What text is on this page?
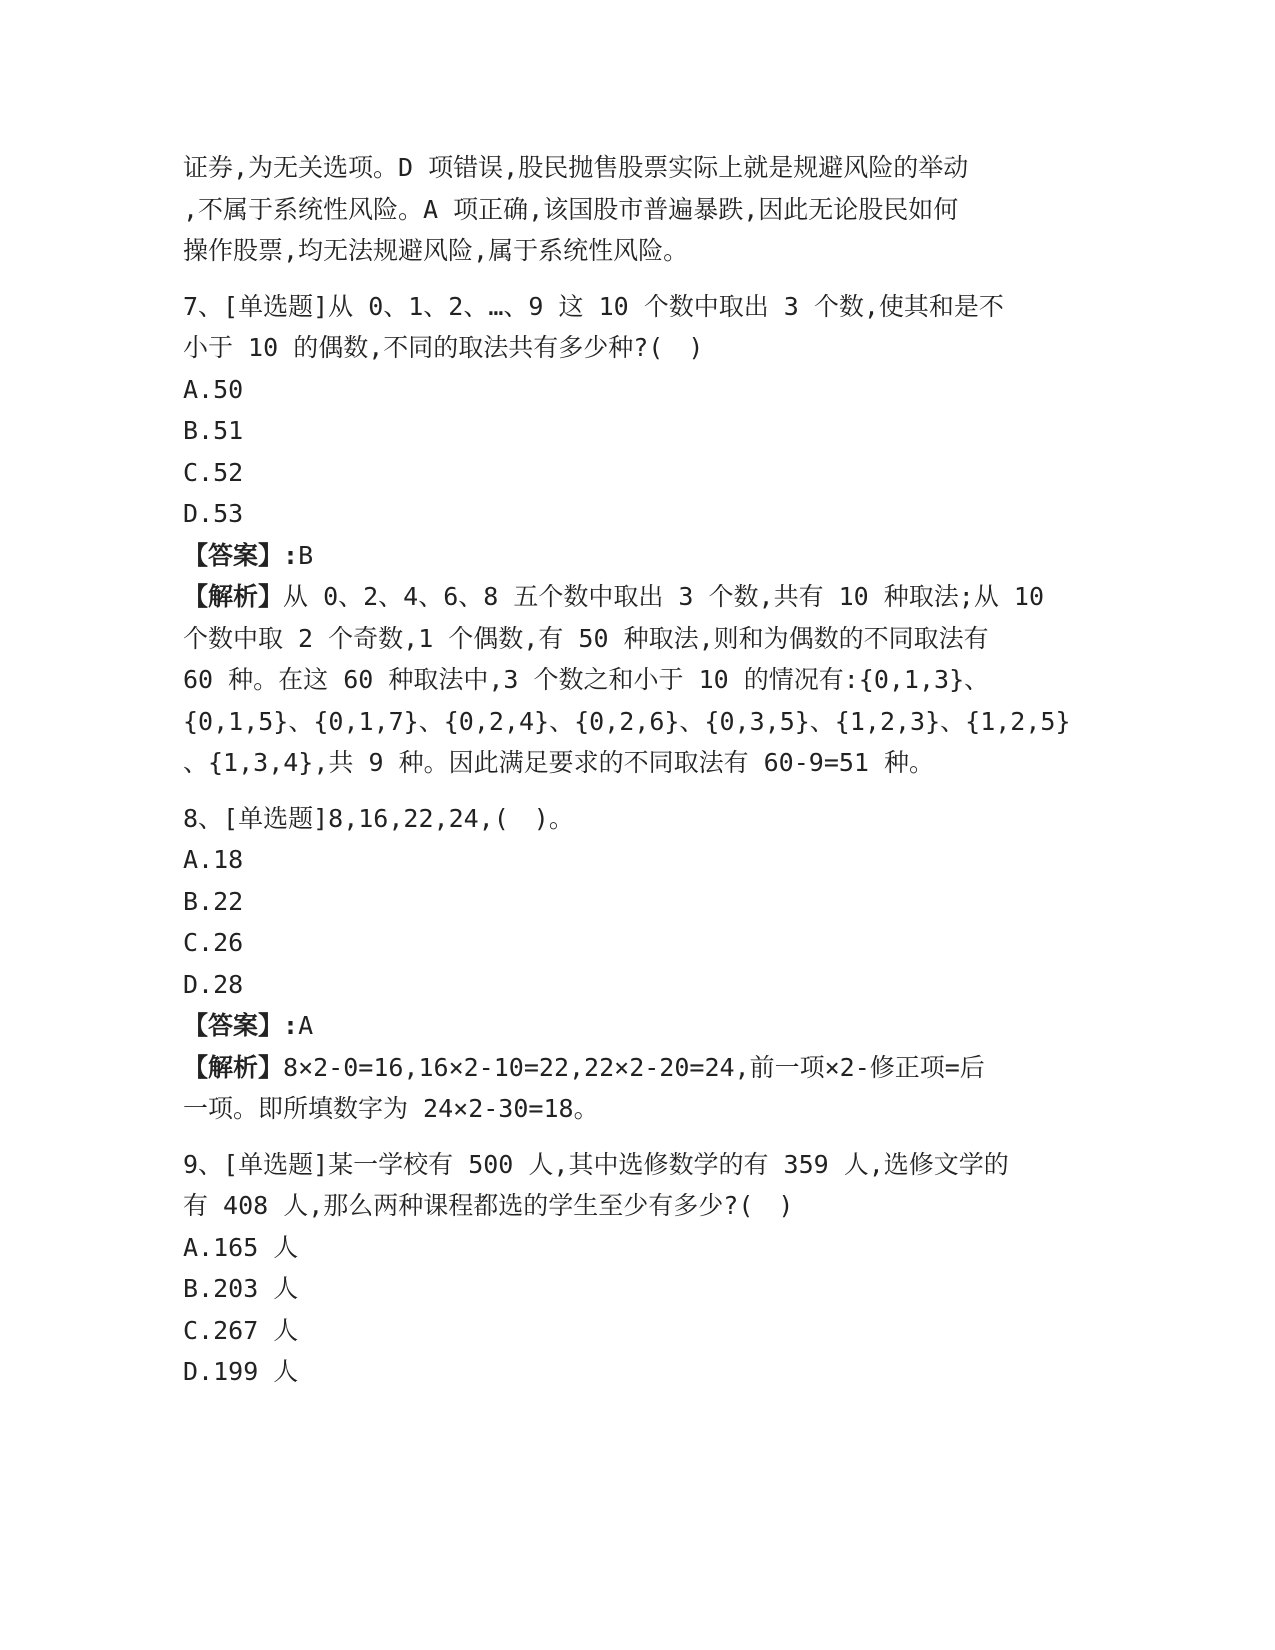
证券,为无关选项。D 项错误,股民抛售股票实际上就是规避风险的举动
,不属于系统性风险。A 项正确,该国股市普遍暴跌,因此无论股民如何
操作股票,均无法规避风险,属于系统性风险。
7、[单选题]从 0、1、2、…、9 这 10 个数中取出 3 个数,使其和是不
小于 10 的偶数,不同的取法共有多少种?(　)
A.50
B.51
C.52
D.53
【答案】:B
【解析】从 0、2、4、6、8 五个数中取出 3 个数,共有 10 种取法;从 10
个数中取 2 个奇数,1 个偶数,有 50 种取法,则和为偶数的不同取法有
60 种。在这 60 种取法中,3 个数之和小于 10 的情况有:{0,1,3}、
{0,1,5}、{0,1,7}、{0,2,4}、{0,2,6}、{0,3,5}、{1,2,3}、{1,2,5}
、{1,3,4},共 9 种。因此满足要求的不同取法有 60-9=51 种。
8、[单选题]8,16,22,24,(　)。
A.18
B.22
C.26
D.28
【答案】:A
【解析】8×2-0=16,16×2-10=22,22×2-20=24,前一项×2-修正项=后
一项。即所填数字为 24×2-30=18。
9、[单选题]某一学校有 500 人,其中选修数学的有 359 人,选修文学的
有 408 人,那么两种课程都选的学生至少有多少?(　)
A.165 人
B.203 人
C.267 人
D.199 人
